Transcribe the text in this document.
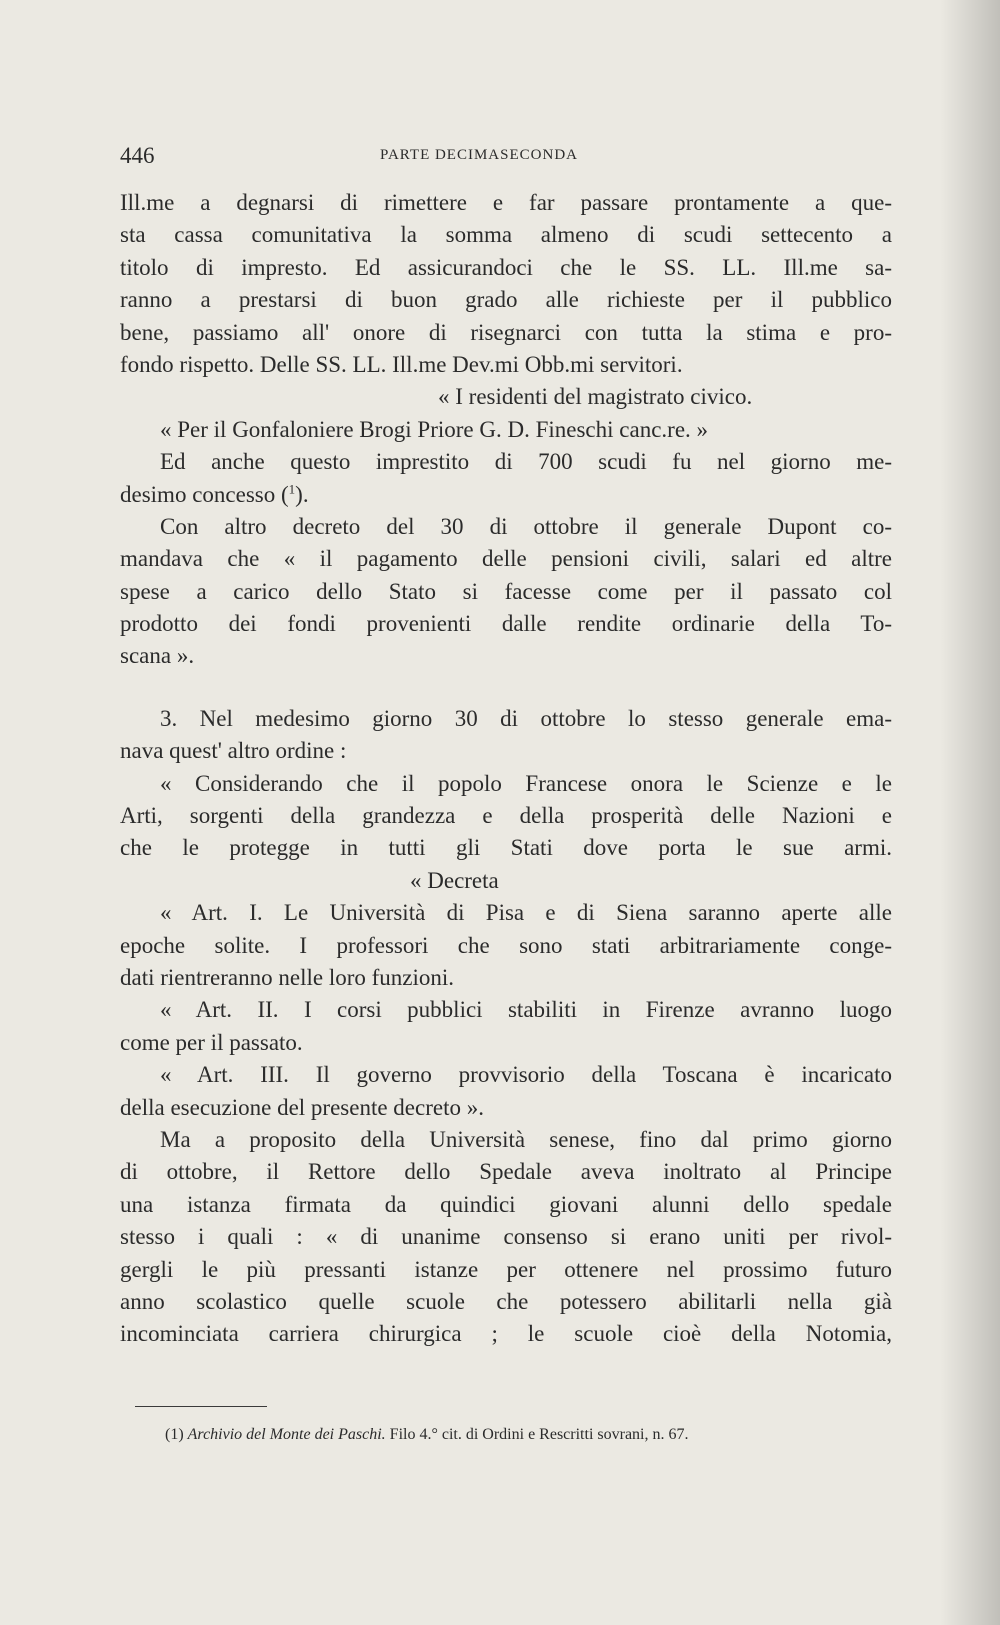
446	PARTE DECIMASECONDA
Ill.me a degnarsi di rimettere e far passare prontamente a que-
sta cassa comunitativa la somma almeno di scudi settecento a
titolo di impresto. Ed assicurandoci che le SS. LL. Ill.me sa-
ranno a prestarsi di buon grado alle richieste per il pubblico
bene, passiamo all' onore di risegnarci con tutta la stima e pro-
fondo rispetto. Delle SS. LL. Ill.me Dev.mi Obb.mi servitori.
« I residenti del magistrato civico.
« Per il Gonfaloniere Brogi Priore G. D. Fineschi canc.re. »
Ed anche questo imprestito di 700 scudi fu nel giorno me-
desimo concesso ($^1$).
Con altro decreto del 30 di ottobre il generale Dupont co-
mandava che « il pagamento delle pensioni civili, salari ed altre
spese a carico dello Stato si facesse come per il passato col
prodotto dei fondi provenienti dalle rendite ordinarie della To-
scana ».
3. Nel medesimo giorno 30 di ottobre lo stesso generale ema-
nava quest' altro ordine :
« Considerando che il popolo Francese onora le Scienze e le
Arti, sorgenti della grandezza e della prosperità delle Nazioni e
che le protegge in tutti gli Stati dove porta le sue armi.
« Decreta
« Art. I. Le Università di Pisa e di Siena saranno aperte alle
epoche solite. I professori che sono stati arbitrariamente conge-
dati rientreranno nelle loro funzioni.
« Art. II. I corsi pubblici stabiliti in Firenze avranno luogo
come per il passato.
« Art. III. Il governo provvisorio della Toscana è incaricato
della esecuzione del presente decreto ».
Ma a proposito della Università senese, fino dal primo giorno
di ottobre, il Rettore dello Spedale aveva inoltrato al Principe
una istanza firmata da quindici giovani alunni dello spedale
stesso i quali : « di unanime consenso si erano uniti per rivol-
gergli le più pressanti istanze per ottenere nel prossimo futuro
anno scolastico quelle scuole che potessero abilitarli nella già
incominciata carriera chirurgica ; le scuole cioè della Notomia,
(1) Archivio del Monte dei Paschi. Filo 4.° cit. di Ordini e Rescritti sovrani, n. 67.
